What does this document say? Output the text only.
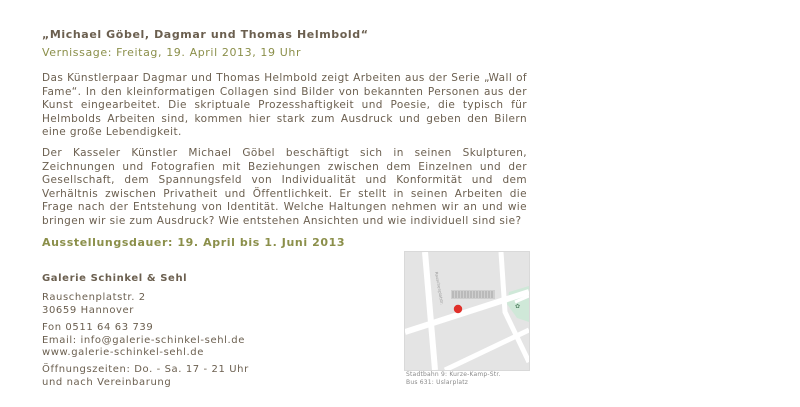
„Michael Göbel, Dagmar und Thomas Helmbold“
Vernissage: Freitag, 19. April 2013, 19 Uhr

Das Künstlerpaar Dagmar und Thomas Helmbold zeigt Arbeiten aus der Serie „Wall of Fame“. In den kleinformatigen Collagen sind Bilder von bekannten Personen aus der Kunst eingearbeitet. Die skriptuale Prozesshaftigkeit und Poesie, die typisch für Helmbolds Arbeiten sind, kommen hier stark zum Ausdruck und geben den Bilern eine große Lebendigkeit.

Der Kasseler Künstler Michael Göbel beschäftigt sich in seinen Skulpturen, Zeichnungen und Fotografien mit Beziehungen zwischen dem Einzelnen und der Gesellschaft, dem Spannungsfeld von Individualität und Konformität und dem Verhältnis zwischen Privatheit und Öffentlichkeit. Er stellt in seinen Arbeiten die Frage nach der Entstehung von Identität. Welche Haltungen nehmen wir an und wie bringen wir sie zum Ausdruck? Wie entstehen Ansichten und wie individuell sind sie?

Ausstellungsdauer: 19. April bis 1. Juni 2013
Galerie Schinkel & Sehl
Rauschenplatstr. 2
30659 Hannover
Fon 0511 64 63 739
Email: info@galerie-schinkel-sehl.de
www.galerie-schinkel-sehl.de
Öffnungszeiten: Do. - Sa. 17 - 21 Uhr
und nach Vereinbarung
Rauschenplatstr.
✿
Stadtbahn 9: Kurze-Kamp-Str.
Bus 631: Uslarplatz
